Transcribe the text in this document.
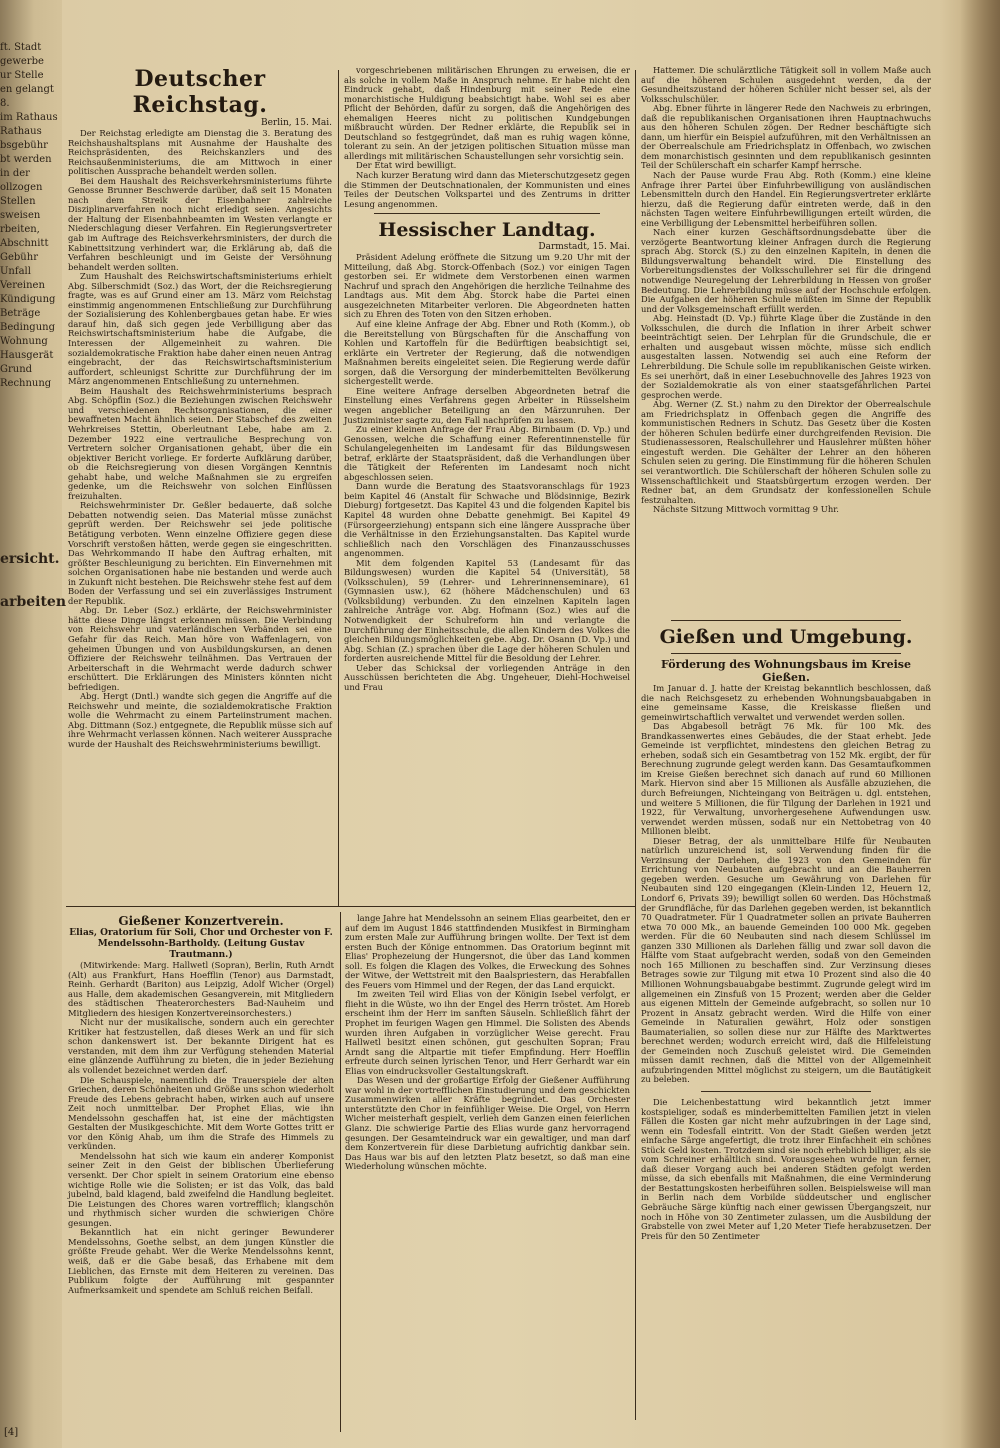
ft. Stadt
gewerbe
ur Stelle
en gelangt
8.
im Rathaus
Rathaus
bsgebühr
bt werden
in der
ollzogen
Stellen
sweisen
rbeiten,
Abschnitt
Gebühr
Unfall
Vereinen
Kündigung
Beträge
Bedingung
Wohnung
Hausgerät
Grund
Rechnung
ersicht.
arbeiten
Deutscher Reichstag.
Berlin, 15. Mai.

Der Reichstag erledigte am Dienstag die 3. Beratung des Reichshaushaltsplans mit Ausnahme der Haushalte des Reichspräsidenten, des Reichskanzlers und des Reichsaußenministeriums, die am Mittwoch in einer politischen Aussprache behandelt werden sollen.

Bei dem Haushalt des Reichsverkehrsministeriums führte Genosse Brunner Beschwerde darüber, daß seit 15 Monaten nach dem Streik der Eisenbahner zahlreiche Disziplinarverfahren noch nicht erledigt seien. Angesichts der Haltung der Eisenbahnbeamten im Westen verlangte er Niederschlagung dieser Verfahren. Ein Regierungsvertreter gab im Auftrage des Reichsverkehrsministers, der durch die Kabinettsitzung verhindert war, die Erklärung ab, daß die Verfahren beschleunigt und im Geiste der Versöhnung behandelt werden sollten.

Zum Haushalt des Reichswirtschaftsministeriums erhielt Abg. Silberschmidt (Soz.) das Wort, der die Reichsregierung fragte, was es auf Grund einer am 13. März vom Reichstag einstimmig angenommenen Entschließung zur Durchführung der Sozialisierung des Kohlenbergbaues getan habe. Er wies darauf hin, daß sich gegen jede Verbilligung aber das Reichswirtschaftsministerium habe die Aufgabe, die Interessen der Allgemeinheit zu wahren. Die sozialdemokratische Fraktion habe daher einen neuen Antrag eingebracht, der das Reichswirtschaftsministerium auffordert, schleunigst Schritte zur Durchführung der im März angenommenen Entschließung zu unternehmen.

Beim Haushalt des Reichswehrministeriums besprach Abg. Schöpflin (Soz.) die Beziehungen zwischen Reichswehr und verschiedenen Rechtsorganisationen, die einer bewaffneten Macht ähnlich seien. Der Stabschef des zweiten Wehrkreises Stettin, Oberleutnant Lebe, habe am 2. Dezember 1922 eine vertrauliche Besprechung von Vertretern solcher Organisationen gehabt, über die ein objektiver Bericht vorliege. Er forderte Aufklärung darüber, ob die Reichsregierung von diesen Vorgängen Kenntnis gehabt habe, und welche Maßnahmen sie zu ergreifen gedenke, um die Reichswehr von solchen Einflüssen freizuhalten.

Reichswehrminister Dr. Geßler bedauerte, daß solche Debatten notwendig seien. Das Material müsse zunächst geprüft werden. Der Reichswehr sei jede politische Betätigung verboten. Wenn einzelne Offiziere gegen diese Vorschrift verstoßen hätten, werde gegen sie eingeschritten. Das Wehrkommando II habe den Auftrag erhalten, mit größter Beschleunigung zu berichten. Ein Einvernehmen mit solchen Organisationen habe nie bestanden und werde auch in Zukunft nicht bestehen. Die Reichswehr stehe fest auf dem Boden der Verfassung und sei ein zuverlässiges Instrument der Republik.

Abg. Dr. Leber (Soz.) erklärte, der Reichswehrminister hätte diese Dinge längst erkennen müssen. Die Verbindung von Reichswehr und vaterländischen Verbänden sei eine Gefahr für das Reich. Man höre von Waffenlagern, von geheimen Übungen und von Ausbildungskursen, an denen Offiziere der Reichswehr teilnähmen. Das Vertrauen der Arbeiterschaft in die Wehrmacht werde dadurch schwer erschüttert. Die Erklärungen des Ministers könnten nicht befriedigen.

Abg. Hergt (Dntl.) wandte sich gegen die Angriffe auf die Reichswehr und meinte, die sozialdemokratische Fraktion wolle die Wehrmacht zu einem Parteiinstrument machen. Abg. Dittmann (Soz.) entgegnete, die Republik müsse sich auf ihre Wehrmacht verlassen können. Nach weiterer Aussprache wurde der Haushalt des Reichswehrministeriums bewilligt.

vorgeschriebenen militärischen Ehrungen zu erweisen, die er als solche in vollem Maße in Anspruch nehme. Er habe nicht den Eindruck gehabt, daß Hindenburg mit seiner Rede eine monarchistische Huldigung beabsichtigt habe. Wohl sei es aber Pflicht der Behörden, dafür zu sorgen, daß die Angehörigen des ehemaligen Heeres nicht zu politischen Kundgebungen mißbraucht würden. Der Redner erklärte, die Republik sei in Deutschland so festgegründet, daß man es ruhig wagen könne, tolerant zu sein. An der jetzigen politischen Situation müsse man allerdings mit militärischen Schaustellungen sehr vorsichtig sein.

Der Etat wird bewilligt.

Nach kurzer Beratung wird dann das Mieterschutzgesetz gegen die Stimmen der Deutschnationalen, der Kommunisten und eines Teiles der Deutschen Volkspartei und des Zentrums in dritter Lesung angenommen.

Hessischer Landtag.
Darmstadt, 15. Mai.

Präsident Adelung eröffnete die Sitzung um 9.20 Uhr mit der Mitteilung, daß Abg. Storck-Offenbach (Soz.) vor einigen Tagen gestorben sei. Er widmete dem Verstorbenen einen warmen Nachruf und sprach den Angehörigen die herzliche Teilnahme des Landtags aus. Mit dem Abg. Storck habe die Partei einen ausgezeichneten Mitarbeiter verloren. Die Abgeordneten hatten sich zu Ehren des Toten von den Sitzen erhoben.

Auf eine kleine Anfrage der Abg. Ebner und Roth (Komm.), ob die Bereitstellung von Bürgschaften für die Anschaffung von Kohlen und Kartoffeln für die Bedürftigen beabsichtigt sei, erklärte ein Vertreter der Regierung, daß die notwendigen Maßnahmen bereits eingeleitet seien. Die Regierung werde dafür sorgen, daß die Versorgung der minderbemittelten Bevölkerung sichergestellt werde.

Eine weitere Anfrage derselben Abgeordneten betraf die Einstellung eines Verfahrens gegen Arbeiter in Rüsselsheim wegen angeblicher Beteiligung an den Märzunruhen. Der Justizminister sagte zu, den Fall nachprüfen zu lassen.

Zu einer kleinen Anfrage der Frau Abg. Birnbaum (D. Vp.) und Genossen, welche die Schaffung einer Referentinnenstelle für Schulangelegenheiten im Landesamt für das Bildungswesen betraf, erklärte der Staatspräsident, daß die Verhandlungen über die Tätigkeit der Referenten im Landesamt noch nicht abgeschlossen seien.

Dann wurde die Beratung des Staatsvoranschlags für 1923 beim Kapitel 46 (Anstalt für Schwache und Blödsinnige, Bezirk Dieburg) fortgesetzt. Das Kapitel 43 und die folgenden Kapitel bis Kapitel 48 wurden ohne Debatte genehmigt. Bei Kapitel 49 (Fürsorgeerziehung) entspann sich eine längere Aussprache über die Verhältnisse in den Erziehungsanstalten. Das Kapitel wurde schließlich nach den Vorschlägen des Finanzausschusses angenommen.

Mit dem folgenden Kapitel 53 (Landesamt für das Bildungswesen) wurden die Kapitel 54 (Universität), 58 (Volksschulen), 59 (Lehrer- und Lehrerinnenseminare), 61 (Gymnasien usw.), 62 (höhere Mädchenschulen) und 63 (Volksbildung) verbunden. Zu den einzelnen Kapiteln lagen zahlreiche Anträge vor. Abg. Hofmann (Soz.) wies auf die Notwendigkeit der Schulreform hin und verlangte die Durchführung der Einheitsschule, die allen Kindern des Volkes die gleichen Bildungsmöglichkeiten gebe. Abg. Dr. Osann (D. Vp.) und Abg. Schian (Z.) sprachen über die Lage der höheren Schulen und forderten ausreichende Mittel für die Besoldung der Lehrer.

Ueber das Schicksal der vorliegenden Anträge in den Ausschüssen berichteten die Abg. Ungeheuer, Diehl-Hochweisel und Frau

Hattemer. Die schulärztliche Tätigkeit soll in vollem Maße auch auf die höheren Schulen ausgedehnt werden, da der Gesundheitszustand der höheren Schüler nicht besser sei, als der Volksschulschüler.

Abg. Ebner führte in längerer Rede den Nachweis zu erbringen, daß die republikanischen Organisationen ihren Hauptnachwuchs aus den höheren Schulen zögen. Der Redner beschäftigte sich dann, um hierfür ein Beispiel aufzuführen, mit den Verhältnissen an der Oberrealschule am Friedrichsplatz in Offenbach, wo zwischen dem monarchistisch gesinnten und dem republikanisch gesinnten Teil der Schülerschaft ein scharfer Kampf herrsche.

Nach der Pause wurde Frau Abg. Roth (Komm.) eine kleine Anfrage ihrer Partei über Einfuhrbewilligung von ausländischen Lebensmitteln durch den Handel. Ein Regierungsvertreter erklärte hierzu, daß die Regierung dafür eintreten werde, daß in den nächsten Tagen weitere Einfuhrbewilligungen erteilt würden, die eine Verbilligung der Lebensmittel herbeiführen sollen.

Nach einer kurzen Geschäftsordnungsdebatte über die verzögerte Beantwortung kleiner Anfragen durch die Regierung sprach Abg. Storck (S.) zu den einzelnen Kapiteln, in denen die Bildungsverwaltung behandelt wird. Die Einstellung des Vorbereitungsdienstes der Volksschullehrer sei für die dringend notwendige Neuregelung der Lehrerbildung in Hessen von großer Bedeutung. Die Lehrerbildung müsse auf der Hochschule erfolgen. Die Aufgaben der höheren Schule müßten im Sinne der Republik und der Volksgemeinschaft erfüllt werden.

Abg. Heinstadt (D. Vp.) führte Klage über die Zustände in den Volksschulen, die durch die Inflation in ihrer Arbeit schwer beeinträchtigt seien. Der Lehrplan für die Grundschule, die er erhalten und ausgebaut wissen möchte, müsse sich endlich ausgestalten lassen. Notwendig sei auch eine Reform der Lehrerbildung. Die Schule solle im republikanischen Geiste wirken. Es sei unerhört, daß in einer Lesebuchnovelle des Jahres 1923 von der Sozialdemokratie als von einer staatsgefährlichen Partei gesprochen werde.

Abg. Werner (Z. St.) nahm zu den Direktor der Oberrealschule am Friedrichsplatz in Offenbach gegen die Angriffe des kommunistischen Redners in Schutz. Das Gesetz über die Kosten der höheren Schulen bedürfe einer durchgreifenden Revision. Die Studienassessoren, Realschullehrer und Hauslehrer müßten höher eingestuft werden. Die Gehälter der Lehrer an den höheren Schulen seien zu gering. Die Einstimmung für die höheren Schulen sei verantwortlich. Die Schülerschaft der höheren Schulen solle zu Wissenschaftlichkeit und Staatsbürgertum erzogen werden. Der Redner bat, an dem Grundsatz der konfessionellen Schule festzuhalten.

Nächste Sitzung Mittwoch vormittag 9 Uhr.

Gießen und Umgebung.
Förderung des Wohnungsbaus im Kreise Gießen.

Im Januar d. J. hatte der Kreistag bekanntlich beschlossen, daß die nach Reichsgesetz zu erhebenden Wohnungsbauabgaben in eine gemeinsame Kasse, die Kreiskasse fließen und gemeinwirtschaftlich verwaltet und verwendet werden sollen.

Das Abgabesoll beträgt 76 Mk. für 100 Mk. des Brandkassenwertes eines Gebäudes, die der Staat erhebt. Jede Gemeinde ist verpflichtet, mindestens den gleichen Betrag zu erheben, sodaß sich ein Gesamtbetrag von 152 Mk. ergibt, der für Berechnung zugrunde gelegt werden kann. Das Gesamtaufkommen im Kreise Gießen berechnet sich danach auf rund 60 Millionen Mark. Hiervon sind aber 15 Millionen als Ausfälle abzuziehen, die durch Befreiungen, Nichteingang von Beiträgen u. dgl. entstehen, und weitere 5 Millionen, die für Tilgung der Darlehen in 1921 und 1922, für Verwaltung, unvorhergesehene Aufwendungen usw. verwendet werden müssen, sodaß nur ein Nettobetrag von 40 Millionen bleibt.

Dieser Betrag, der als unmittelbare Hilfe für Neubauten natürlich unzureichend ist, soll Verwendung finden für die Verzinsung der Darlehen, die 1923 von den Gemeinden für Errichtung von Neubauten aufgebracht und an die Bauherren gegeben werden. Gesuche um Gewährung von Darlehen für Neubauten sind 120 eingegangen (Klein-Linden 12, Heuern 12, Londorf 6, Privats 39); bewilligt sollen 60 werden. Das Höchstmaß der Grundfläche, für das Darlehen gegeben werden, ist bekanntlich 70 Quadratmeter. Für 1 Quadratmeter sollen an private Bauherren etwa 70 000 Mk., an bauende Gemeinden 100 000 Mk. gegeben werden. Für die 60 Neubauten sind nach diesem Schlüssel im ganzen 330 Millionen als Darlehen fällig und zwar soll davon die Hälfte vom Staat aufgebracht werden, sodaß von den Gemeinden noch 165 Millionen zu beschaffen sind. Zur Verzinsung dieses Betrages sowie zur Tilgung mit etwa 10 Prozent sind also die 40 Millionen Wohnungsbauabgabe bestimmt. Zugrunde gelegt wird im allgemeinen ein Zinsfuß von 15 Prozent; werden aber die Gelder aus eigenen Mitteln der Gemeinde aufgebracht, so sollen nur 10 Prozent in Ansatz gebracht werden. Wird die Hilfe von einer Gemeinde in Naturalien gewährt, Holz oder sonstigen Baumaterialien, so sollen diese nur zur Hälfte des Marktwertes berechnet werden; wodurch erreicht wird, daß die Hilfeleistung der Gemeinden noch Zuschuß geleistet wird. Die Gemeinden müssen damit rechnen, daß die Mittel von der Allgemeinheit aufzubringenden Mittel möglichst zu steigern, um die Bautätigkeit zu beleben.

Die Leichenbestattung wird bekanntlich jetzt immer kostspieliger, sodaß es minderbemittelten Familien jetzt in vielen Fällen die Kosten gar nicht mehr aufzubringen in der Lage sind, wenn ein Todesfall eintritt. Von der Stadt Gießen werden jetzt einfache Särge angefertigt, die trotz ihrer Einfachheit ein schönes Stück Geld kosten. Trotzdem sind sie noch erheblich billiger, als sie vom Schreiner erhältlich sind. Vorausgesehen wurde nun ferner, daß dieser Vorgang auch bei anderen Städten gefolgt werden müsse, da sich ebenfalls mit Maßnahmen, die eine Verminderung der Bestattungskosten herbeiführen sollen. Beispielsweise will man in Berlin nach dem Vorbilde süddeutscher und englischer Gebräuche Särge künftig nach einer gewissen Übergangszeit, nur noch in Höhe von 30 Zentimeter zulassen, um die Ausbildung der Grabstelle von zwei Meter auf 1,20 Meter Tiefe herabzusetzen. Der Preis für den 50 Zentimeter

Gießener Konzertverein.
Elias, Oratorium für Soli, Chor und Orchester von F. Mendelssohn-Bartholdy. (Leitung Gustav Trautmann.)

(Mitwirkende: Marg. Hallwetl (Sopran), Berlin, Ruth Arndt (Alt) aus Frankfurt, Hans Hoefflin (Tenor) aus Darmstadt, Reinh. Gerhardt (Bariton) aus Leipzig, Adolf Wicher (Orgel) aus Halle, dem akademischen Gesangverein, mit Mitgliedern des städtischen Theaterorchesters Bad-Nauheim und Mitgliedern des hiesigen Konzertvereinsorchesters.)

Nicht nur der musikalische, sondern auch ein gerechter Kritiker hat festzustellen, daß dieses Werk an und für sich schon dankenswert ist. Der bekannte Dirigent hat es verstanden, mit dem ihm zur Verfügung stehenden Material eine glänzende Aufführung zu bieten, die in jeder Beziehung als vollendet bezeichnet werden darf.

Die Schauspiele, namentlich die Trauerspiele der alten Griechen, deren Schönheiten und Größe uns schon wiederholt Freude des Lebens gebracht haben, wirken auch auf unsere Zeit noch unmittelbar. Der Prophet Elias, wie ihn Mendelssohn geschaffen hat, ist eine der mächtigsten Gestalten der Musikgeschichte. Mit dem Worte Gottes tritt er vor den König Ahab, um ihm die Strafe des Himmels zu verkünden.

Mendelssohn hat sich wie kaum ein anderer Komponist seiner Zeit in den Geist der biblischen Überlieferung versenkt. Der Chor spielt in seinem Oratorium eine ebenso wichtige Rolle wie die Solisten; er ist das Volk, das bald jubelnd, bald klagend, bald zweifelnd die Handlung begleitet. Die Leistungen des Chores waren vortrefflich; klangschön und rhythmisch sicher wurden die schwierigen Chöre gesungen.

Bekanntlich hat ein nicht geringer Bewunderer Mendelssohns, Goethe selbst, an dem jungen Künstler die größte Freude gehabt. Wer die Werke Mendelssohns kennt, weiß, daß er die Gabe besaß, das Erhabene mit dem Lieblichen, das Ernste mit dem Heiteren zu vereinen. Das Publikum folgte der Aufführung mit gespannter Aufmerksamkeit und spendete am Schluß reichen Beifall.

lange Jahre hat Mendelssohn an seinem Elias gearbeitet, den er auf dem im August 1846 stattfindenden Musikfest in Birmingham zum ersten Male zur Aufführung bringen wollte. Der Text ist dem ersten Buch der Könige entnommen. Das Oratorium beginnt mit Elias' Prophezeiung der Hungersnot, die über das Land kommen soll. Es folgen die Klagen des Volkes, die Erweckung des Sohnes der Witwe, der Wettstreit mit den Baalspriestern, das Herabfallen des Feuers vom Himmel und der Regen, der das Land erquickt.

Im zweiten Teil wird Elias von der Königin Isebel verfolgt, er flieht in die Wüste, wo ihn der Engel des Herrn tröstet. Am Horeb erscheint ihm der Herr im sanften Säuseln. Schließlich fährt der Prophet im feurigen Wagen gen Himmel. Die Solisten des Abends wurden ihren Aufgaben in vorzüglicher Weise gerecht. Frau Hallwetl besitzt einen schönen, gut geschulten Sopran; Frau Arndt sang die Altpartie mit tiefer Empfindung. Herr Hoefflin erfreute durch seinen lyrischen Tenor, und Herr Gerhardt war ein Elias von eindrucksvoller Gestaltungskraft.

Das Wesen und der großartige Erfolg der Gießener Aufführung war wohl in der vortrefflichen Einstudierung und dem geschickten Zusammenwirken aller Kräfte begründet. Das Orchester unterstützte den Chor in feinfühliger Weise. Die Orgel, von Herrn Wicher meisterhaft gespielt, verlieh dem Ganzen einen feierlichen Glanz. Die schwierige Partie des Elias wurde ganz hervorragend gesungen. Der Gesamteindruck war ein gewaltiger, und man darf dem Konzertverein für diese Darbietung aufrichtig dankbar sein. Das Haus war bis auf den letzten Platz besetzt, so daß man eine Wiederholung wünschen möchte.

[4]
